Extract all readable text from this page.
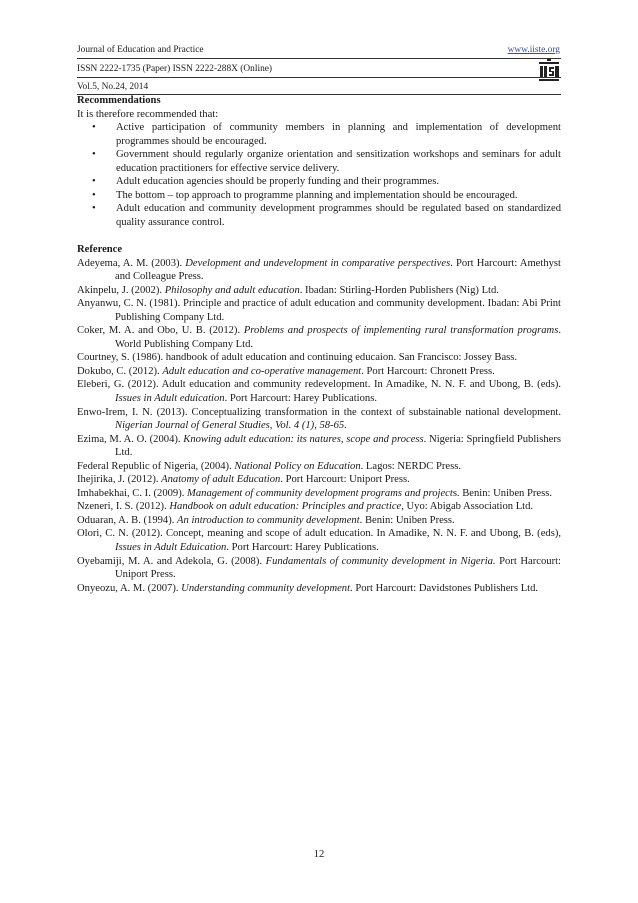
Journal of Education and Practice	www.iiste.org
ISSN 2222-1735 (Paper) ISSN 2222-288X (Online)
Vol.5, No.24, 2014
Recommendations
It is therefore recommended that:
• Active participation of community members in planning and implementation of development programmes should be encouraged.
• Government should regularly organize orientation and sensitization workshops and seminars for adult education practitioners for effective service delivery.
• Adult education agencies should be properly funding and their programmes.
• The bottom – top approach to programme planning and implementation should be encouraged.
• Adult education and community development programmes should be regulated based on standardized quality assurance control.
Reference
Adeyema, A. M. (2003). Development and undevelopment in comparative perspectives. Port Harcourt: Amethyst and Colleague Press.
Akinpelu, J. (2002). Philosophy and adult education. Ibadan: Stirling-Horden Publishers (Nig) Ltd.
Anyanwu, C. N. (1981). Principle and practice of adult education and community development. Ibadan: Abi Print Publishing Company Ltd.
Coker, M. A. and Obo, U. B. (2012). Problems and prospects of implementing rural transformation programs. World Publishing Company Ltd.
Courtney, S. (1986). handbook of adult education and continuing educaion. San Francisco: Jossey Bass.
Dokubo, C. (2012). Adult education and co-operative management. Port Harcourt: Chronett Press.
Eleberi, G. (2012). Adult education and community redevelopment. In Amadike, N. N. F. and Ubong, B. (eds). Issues in Adult eduication. Port Harcourt: Harey Publications.
Enwo-Irem, I. N. (2013). Conceptualizing transformation in the context of substainable national development. Nigerian Journal of General Studies, Vol. 4 (1), 58-65.
Ezima, M. A. O. (2004). Knowing adult education: its natures, scope and process. Nigeria: Springfield Publishers Ltd.
Federal Republic of Nigeria, (2004). National Policy on Education. Lagos: NERDC Press.
Ihejirika, J. (2012). Anatomy of adult Education. Port Harcourt: Uniport Press.
Imhabekhai, C. I. (2009). Management of community development programs and projects. Benin: Uniben Press.
Nzeneri, I. S. (2012). Handbook on adult education: Principles and practice, Uyo: Abigab Association Ltd.
Oduaran, A. B. (1994). An introduction to community development. Benin: Uniben Press.
Olori, C. N. (2012). Concept, meaning and scope of adult education. In Amadike, N. N. F. and Ubong, B. (eds), Issues in Adult Eduication. Port Harcourt: Harey Publications.
Oyebamiji, M. A. and Adekola, G. (2008). Fundamentals of community development in Nigeria. Port Harcourt: Uniport Press.
Onyeozu, A. M. (2007). Understanding community development. Port Harcourt: Davidstones Publishers Ltd.
12
